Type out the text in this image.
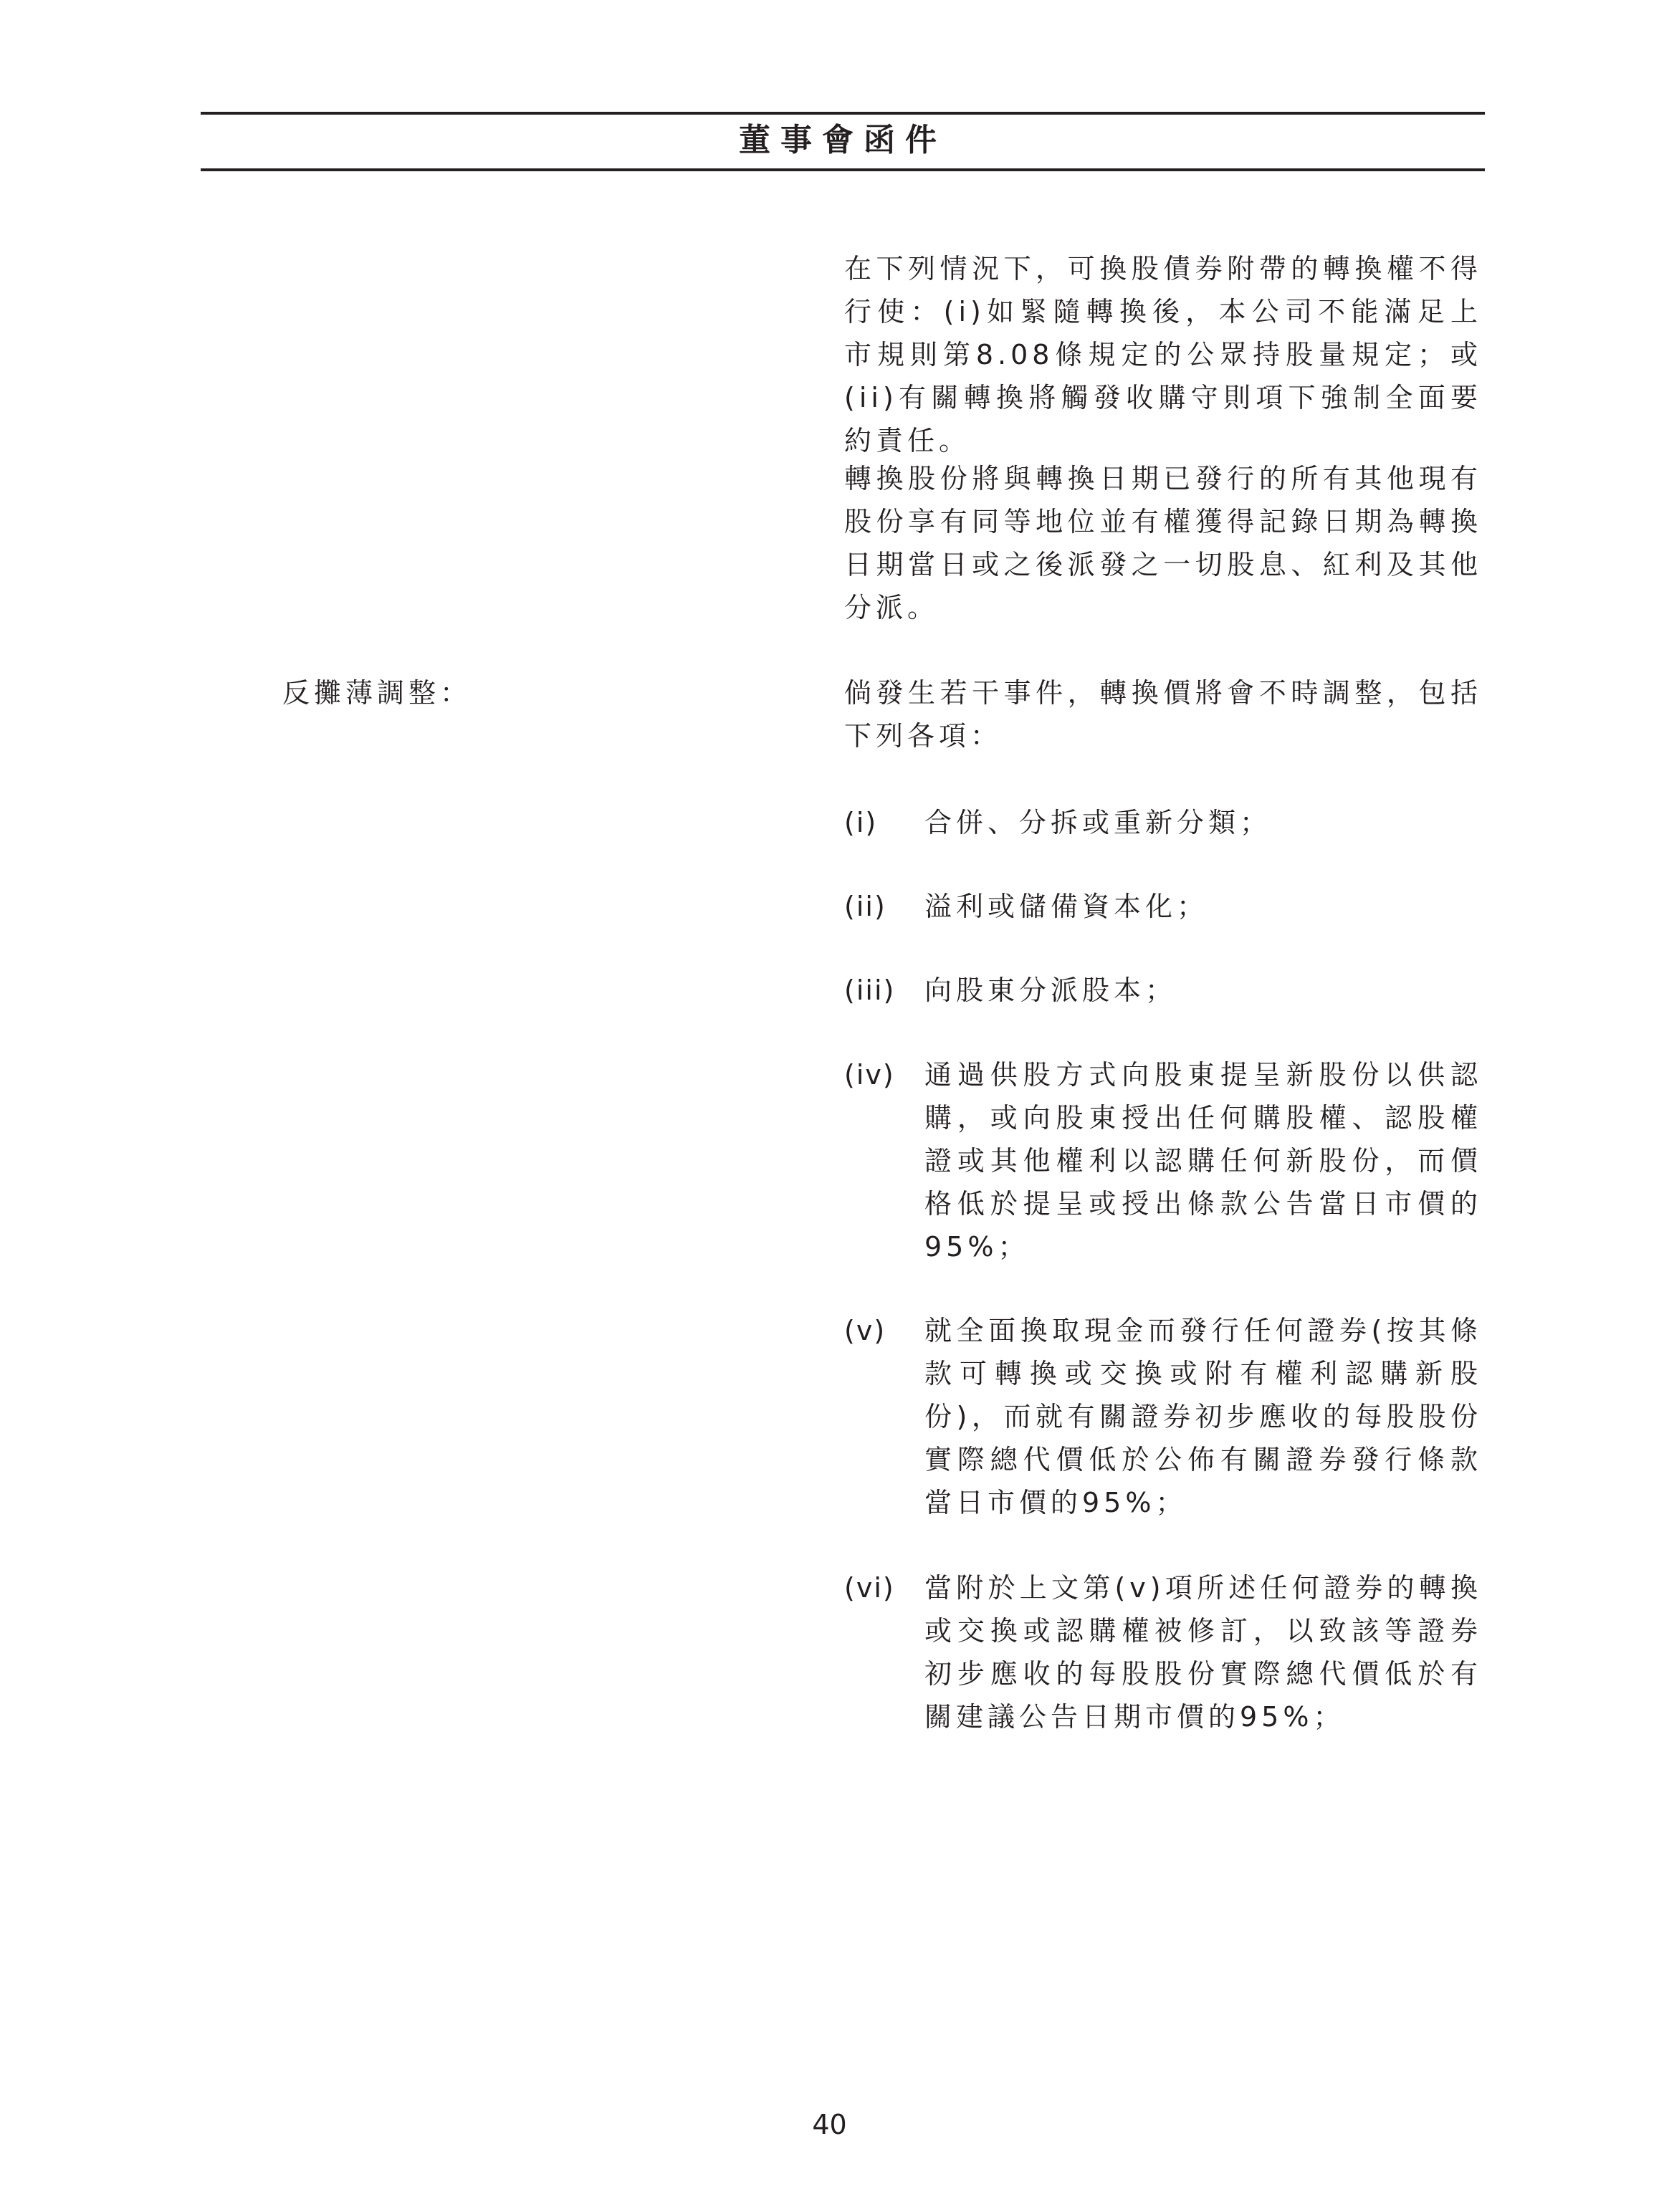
董事會函件

在下列情況下，可換股債券附帶的轉換權不得行使：(i)如緊隨轉換後，本公司不能滿足上市規則第8.08條規定的公眾持股量規定；或(ii)有關轉換將觸發收購守則項下強制全面要約責任。

轉換股份將與轉換日期已發行的所有其他現有股份享有同等地位並有權獲得記錄日期為轉換日期當日或之後派發之一切股息、紅利及其他分派。

反攤薄調整：	倘發生若干事件，轉換價將會不時調整，包括下列各項：

(i) 合併、分拆或重新分類；
(ii) 溢利或儲備資本化；
(iii) 向股東分派股本；
(iv) 通過供股方式向股東提呈新股份以供認購，或向股東授出任何購股權、認股權證或其他權利以認購任何新股份，而價格低於提呈或授出條款公告當日市價的95%；
(v) 就全面換取現金而發行任何證券(按其條款可轉換或交換或附有權利認購新股份)，而就有關證券初步應收的每股股份實際總代價低於公佈有關證券發行條款當日市價的95%；
(vi) 當附於上文第(v)項所述任何證券的轉換或交換或認購權被修訂，以致該等證券初步應收的每股股份實際總代價低於有關建議公告日期市價的95%；
40
